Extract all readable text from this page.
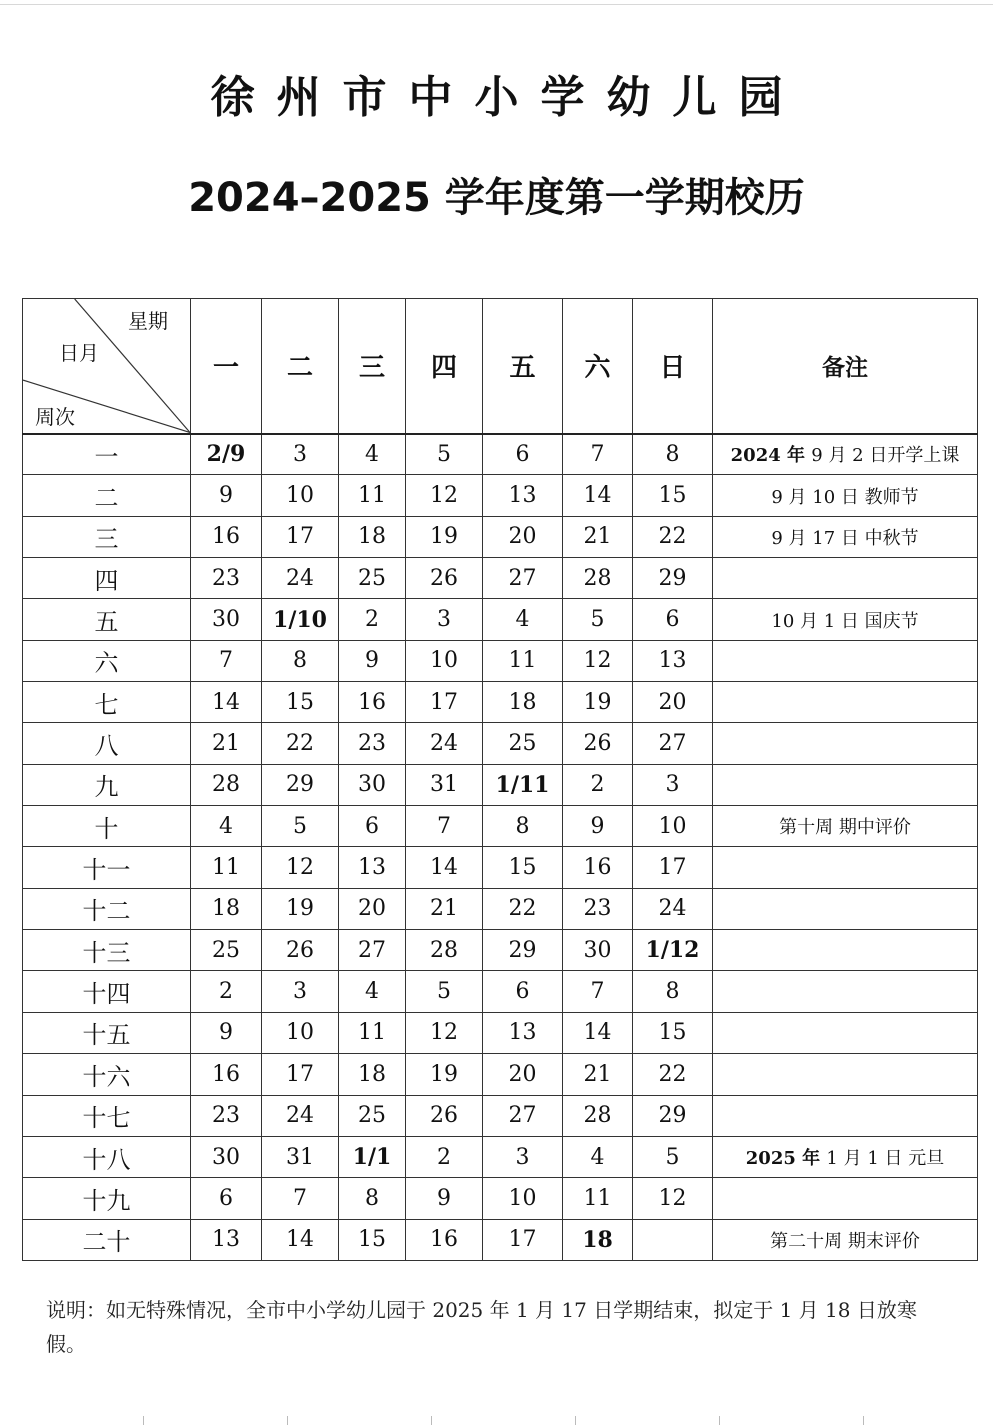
徐州市中小学幼儿园
2024–2025 学年度第一学期校历
星期
日月
周次	一	二	三	四	五	六	日	备注
一	2/9	3	4	5	6	7	8	2024 年 9 月 2 日开学上课
二	9	10	11	12	13	14	15	9 月 10 日 教师节
三	16	17	18	19	20	21	22	9 月 17 日 中秋节
四	23	24	25	26	27	28	29	
五	30	1/10	2	3	4	5	6	10 月 1 日 国庆节
六	7	8	9	10	11	12	13	
七	14	15	16	17	18	19	20	
八	21	22	23	24	25	26	27	
九	28	29	30	31	1/11	2	3	
十	4	5	6	7	8	9	10	第十周 期中评价
十一	11	12	13	14	15	16	17	
十二	18	19	20	21	22	23	24	
十三	25	26	27	28	29	30	1/12	
十四	2	3	4	5	6	7	8	
十五	9	10	11	12	13	14	15	
十六	16	17	18	19	20	21	22	
十七	23	24	25	26	27	28	29	
十八	30	31	1/1	2	3	4	5	2025 年 1 月 1 日 元旦
十九	6	7	8	9	10	11	12	
二十	13	14	15	16	17	18		第二十周 期末评价
说明：如无特殊情况，全市中小学幼儿园于 2025 年 1 月 17 日学期结束，拟定于 1 月 18 日放寒假。
